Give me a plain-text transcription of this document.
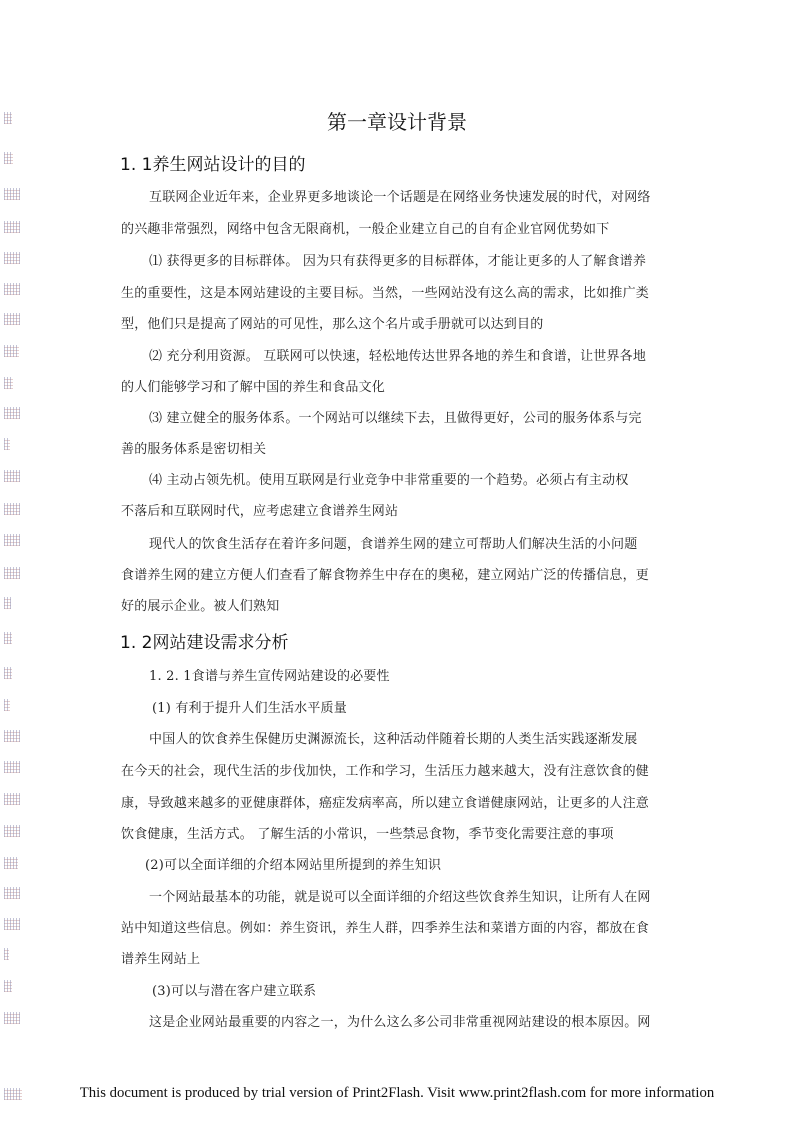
第一章设计背景
1. 1养生网站设计的目的
互联网企业近年来，企业界更多地谈论一个话题是在网络业务快速发展的时代，对网络
的兴趣非常强烈，网络中包含无限商机，一般企业建立自己的自有企业官网优势如下
⑴ 获得更多的目标群体。 因为只有获得更多的目标群体，才能让更多的人了解食谱养
生的重要性，这是本网站建设的主要目标。当然，一些网站没有这么高的需求，比如推广类
型，他们只是提高了网站的可见性，那么这个名片或手册就可以达到目的
⑵ 充分利用资源。 互联网可以快速，轻松地传达世界各地的养生和食谱，让世界各地
的人们能够学习和了解中国的养生和食品文化
⑶ 建立健全的服务体系。一个网站可以继续下去，且做得更好，公司的服务体系与完
善的服务体系是密切相关
⑷ 主动占领先机。使用互联网是行业竞争中非常重要的一个趋势。必须占有主动权
不落后和互联网时代，应考虑建立食谱养生网站
现代人的饮食生活存在着许多问题，食谱养生网的建立可帮助人们解决生活的小问题
食谱养生网的建立方便人们查看了解食物养生中存在的奥秘，建立网站广泛的传播信息，更
好的展示企业。被人们熟知
1. 2网站建设需求分析
1. 2. 1食谱与养生宣传网站建设的必要性
(1) 有利于提升人们生活水平质量
中国人的饮食养生保健历史渊源流长，这种活动伴随着长期的人类生活实践逐渐发展
在今天的社会，现代生活的步伐加快，工作和学习，生活压力越来越大，没有注意饮食的健
康，导致越来越多的亚健康群体，癌症发病率高，所以建立食谱健康网站，让更多的人注意
饮食健康，生活方式。 了解生活的小常识，一些禁忌食物，季节变化需要注意的事项
(2)可以全面详细的介绍本网站里所提到的养生知识
一个网站最基本的功能，就是说可以全面详细的介绍这些饮食养生知识，让所有人在网
站中知道这些信息。例如：养生资讯，养生人群，四季养生法和菜谱方面的内容，都放在食
谱养生网站上
(3)可以与潜在客户建立联系
这是企业网站最重要的内容之一，为什么这么多公司非常重视网站建设的根本原因。网
This document is produced by trial version of Print2Flash. Visit www.print2flash.com for more information
